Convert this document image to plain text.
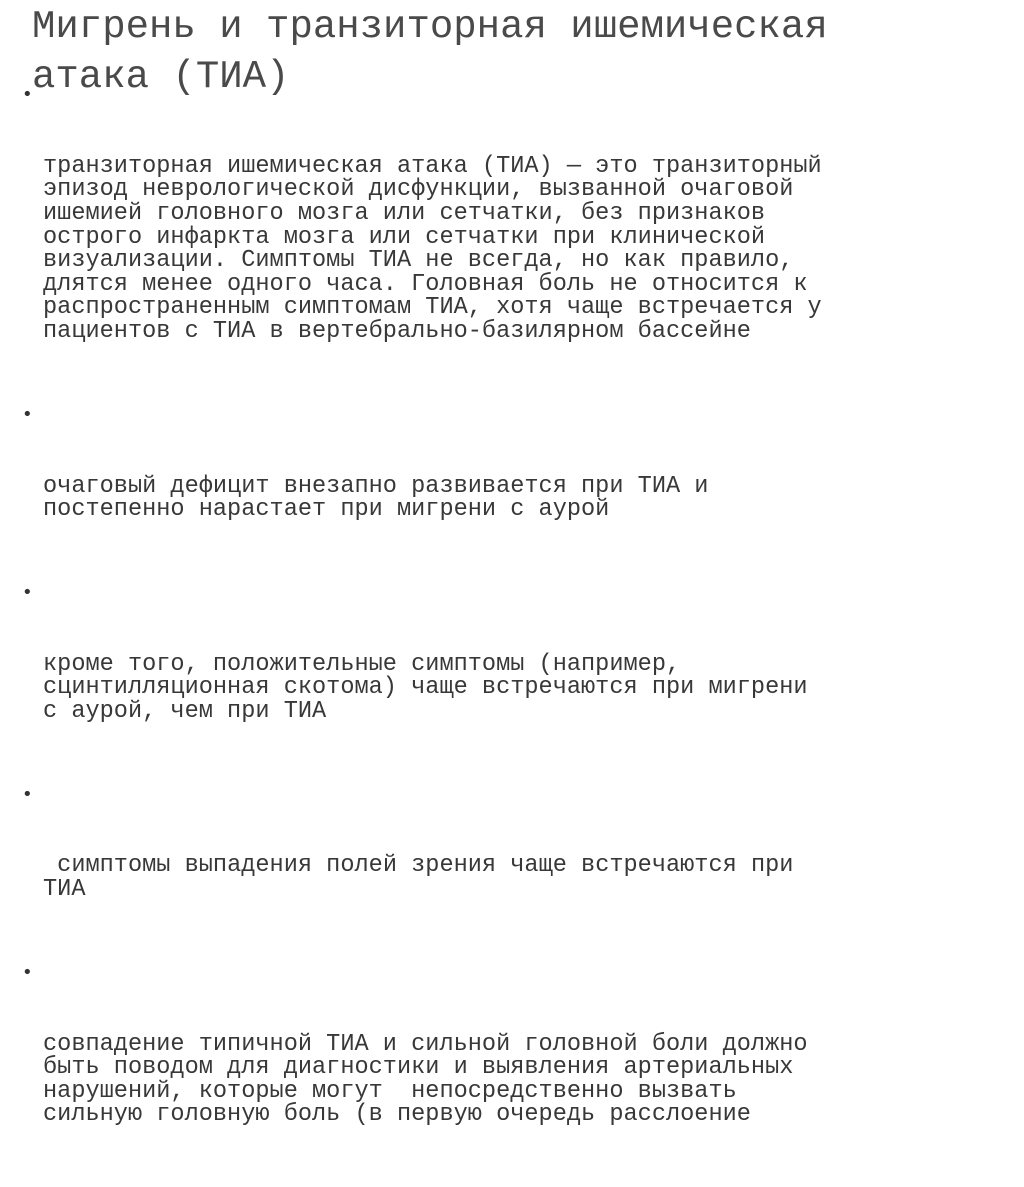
Мигрень и транзиторная ишемическая
атака (ТИА)

•

транзиторная ишемическая атака (ТИА) — это транзиторный
эпизод неврологической дисфункции, вызванной очаговой
ишемией головного мозга или сетчатки, без признаков
острого инфаркта мозга или сетчатки при клинической
визуализации. Симптомы ТИА не всегда, но как правило,
длятся менее одного часа. Головная боль не относится к
распространенным симптомам ТИА, хотя чаще встречается у
пациентов с ТИА в вертебрально-базилярном бассейне

•

очаговый дефицит внезапно развивается при ТИА и
постепенно нарастает при мигрени с аурой

•

кроме того, положительные симптомы (например,
сцинтилляционная скотома) чаще встречаются при мигрени
с аурой, чем при ТИА

•

симптомы выпадения полей зрения чаще встречаются при
ТИА

•

совпадение типичной ТИА и сильной головной боли должно
быть поводом для диагностики и выявления артериальных
нарушений, которые могут  непосредственно вызвать
сильную головную боль (в первую очередь расслоение
